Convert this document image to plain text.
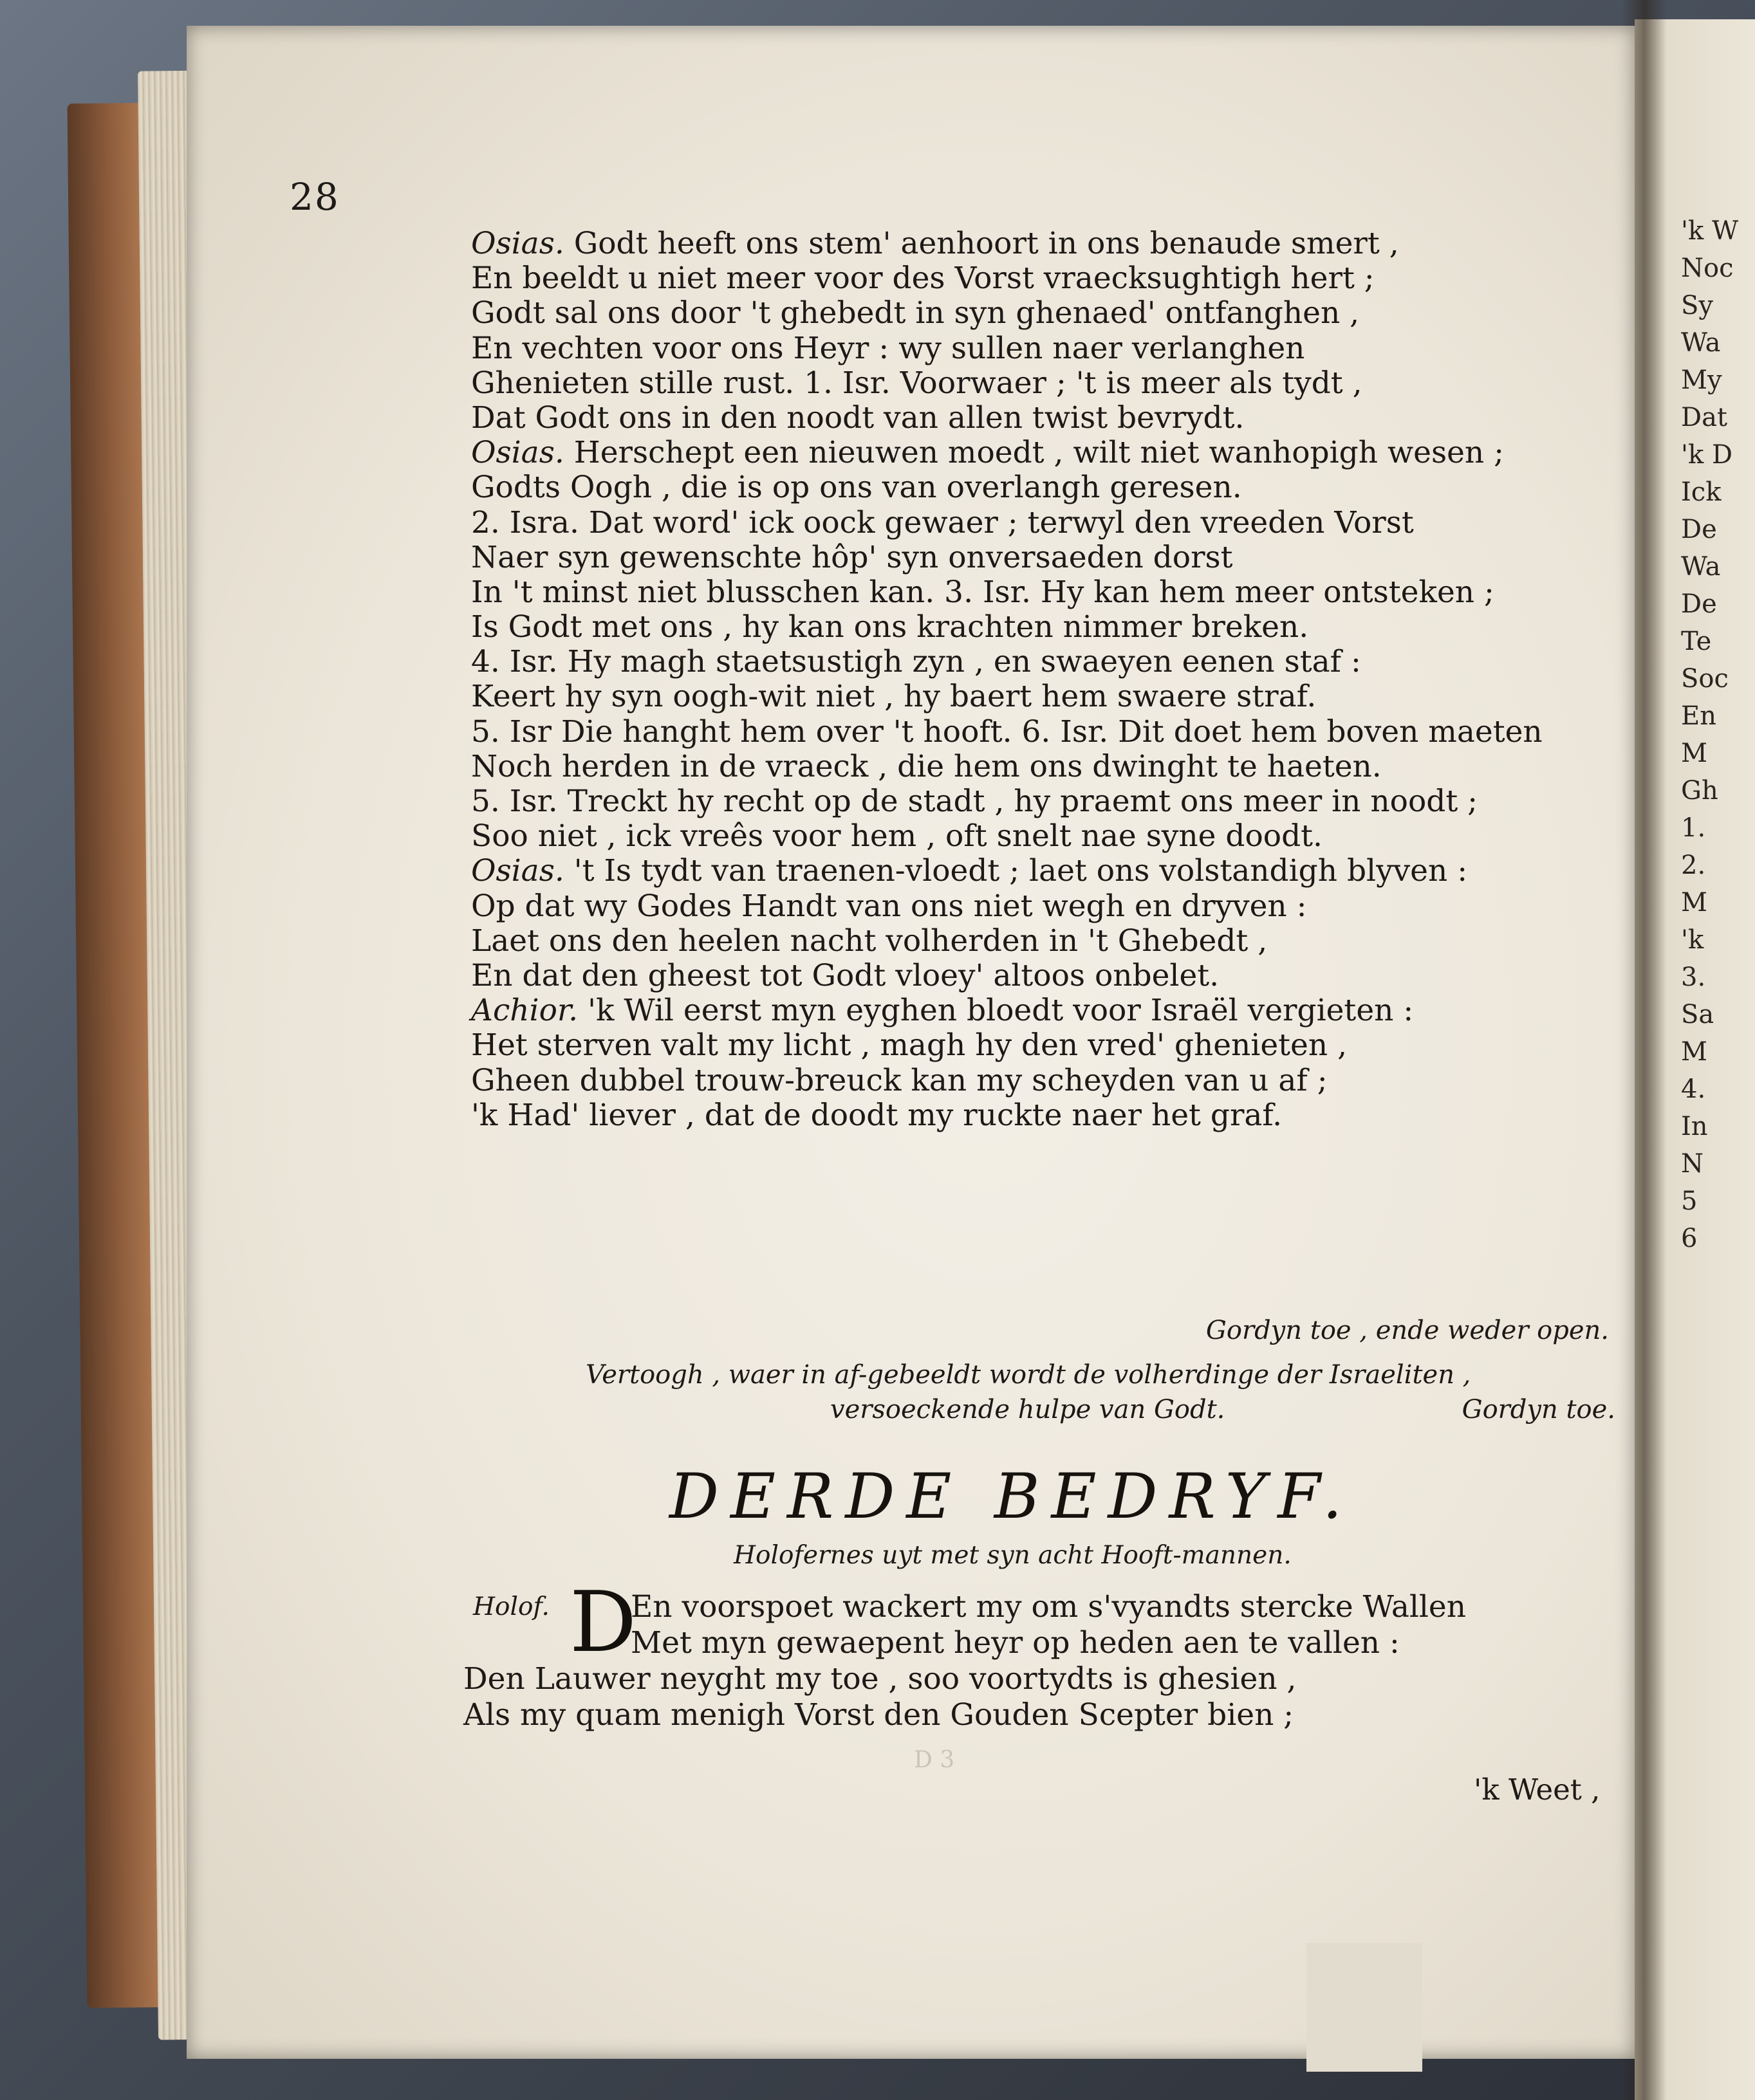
'k W
Noc
Sy
Wa
My
Dat
'k D
Ick
De
Wa
De
Te
Soc
En
M
Gh
1.
2.
M
'k
3.
Sa
M
4.
In
N
5
6
28
Osias. Godt heeft ons stem' aenhoort in ons benaude smert ,
En beeldt u niet meer voor des Vorst vraecksughtigh hert ;
Godt sal ons door 't ghebedt in syn ghenaed' ontfanghen ,
En vechten voor ons Heyr : wy sullen naer verlanghen
Ghenieten stille rust. 1. Isr. Voorwaer ; 't is meer als tydt ,
Dat Godt ons in den noodt van allen twist bevrydt.
Osias. Herschept een nieuwen moedt , wilt niet wanhopigh wesen ;
Godts Oogh , die is op ons van overlangh geresen.
2. Isra. Dat word' ick oock gewaer ; terwyl den vreeden Vorst
Naer syn gewenschte hôp' syn onversaeden dorst
In 't minst niet blusschen kan. 3. Isr. Hy kan hem meer ontsteken ;
Is Godt met ons , hy kan ons krachten nimmer breken.
4. Isr. Hy magh staetsustigh zyn , en swaeyen eenen staf :
Keert hy syn oogh-wit niet , hy baert hem swaere straf.
5. Isr Die hanght hem over 't hooft. 6. Isr. Dit doet hem boven maeten
Noch herden in de vraeck , die hem ons dwinght te haeten.
5. Isr. Treckt hy recht op de stadt , hy praemt ons meer in noodt ;
Soo niet , ick vreês voor hem , oft snelt nae syne doodt.
Osias. 't Is tydt van traenen-vloedt ; laet ons volstandigh blyven :
Op dat wy Godes Handt van ons niet wegh en dryven :
Laet ons den heelen nacht volherden in 't Ghebedt ,
En dat den gheest tot Godt vloey' altoos onbelet.
Achior. 'k Wil eerst myn eyghen bloedt voor Israël vergieten :
Het sterven valt my licht , magh hy den vred' ghenieten ,
Gheen dubbel trouw-breuck kan my scheyden van u af ;
'k Had' liever , dat de doodt my ruckte naer het graf.
Gordyn toe , ende weder open.
Vertoogh , waer in af-gebeeldt wordt de volherdinge der Israeliten ,
versoeckende hulpe van Godt.	Gordyn toe.
DERDE BEDRYF.
Holofernes uyt met syn acht Hooft-mannen.
Holof. D
En voorspoet wackert my om s'vyandts stercke Wallen
Met myn gewaepent heyr op heden aen te vallen :
Den Lauwer neyght my toe , soo voortydts is ghesien ,
Als my quam menigh Vorst den Gouden Scepter bien ;
D 3
'k Weet ,
